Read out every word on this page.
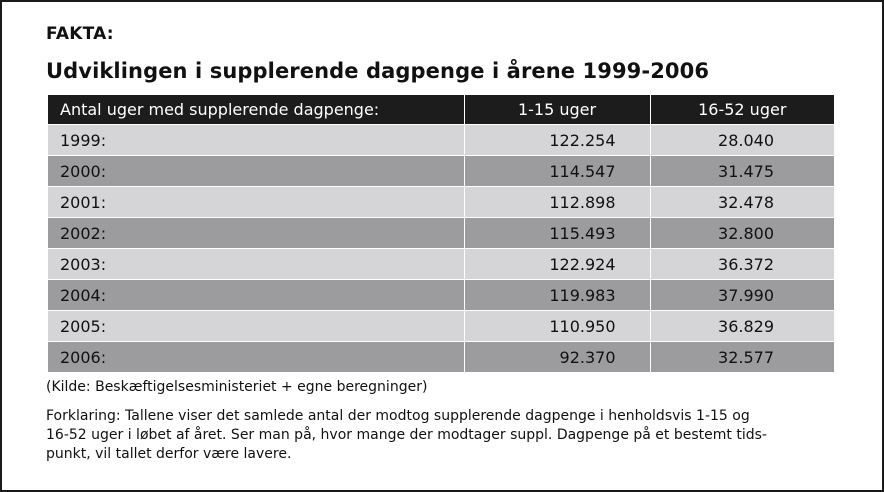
FAKTA:
Udviklingen i supplerende dagpenge i årene 1999-2006
Antal uger med supplerende dagpenge:	1-15 uger	16-52 uger
1999:	122.254	28.040
2000:	114.547	31.475
2001:	112.898	32.478
2002:	115.493	32.800
2003:	122.924	36.372
2004:	119.983	37.990
2005:	110.950	36.829
2006:	92.370	32.577
(Kilde: Beskæftigelsesministeriet + egne beregninger)
Forklaring: Tallene viser det samlede antal der modtog supplerende dagpenge i henholdsvis 1-15 og
16-52 uger i løbet af året. Ser man på, hvor mange der modtager suppl. Dagpenge på et bestemt tids-
punkt, vil tallet derfor være lavere.
